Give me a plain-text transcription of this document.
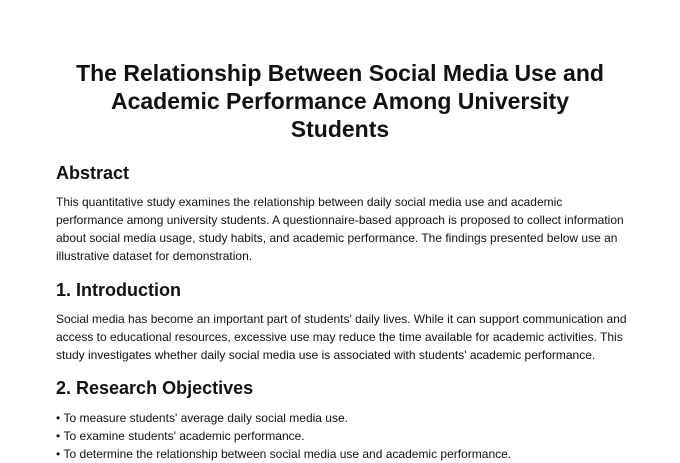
The Relationship Between Social Media Use and
Academic Performance Among University
Students
Abstract

This quantitative study examines the relationship between daily social media use and academic
performance among university students. A questionnaire-based approach is proposed to collect information
about social media usage, study habits, and academic performance. The findings presented below use an
illustrative dataset for demonstration.

1. Introduction

Social media has become an important part of students' daily lives. While it can support communication and
access to educational resources, excessive use may reduce the time available for academic activities. This
study investigates whether daily social media use is associated with students' academic performance.

2. Research Objectives
• To measure students' average daily social media use.
• To examine students' academic performance.
• To determine the relationship between social media use and academic performance.
